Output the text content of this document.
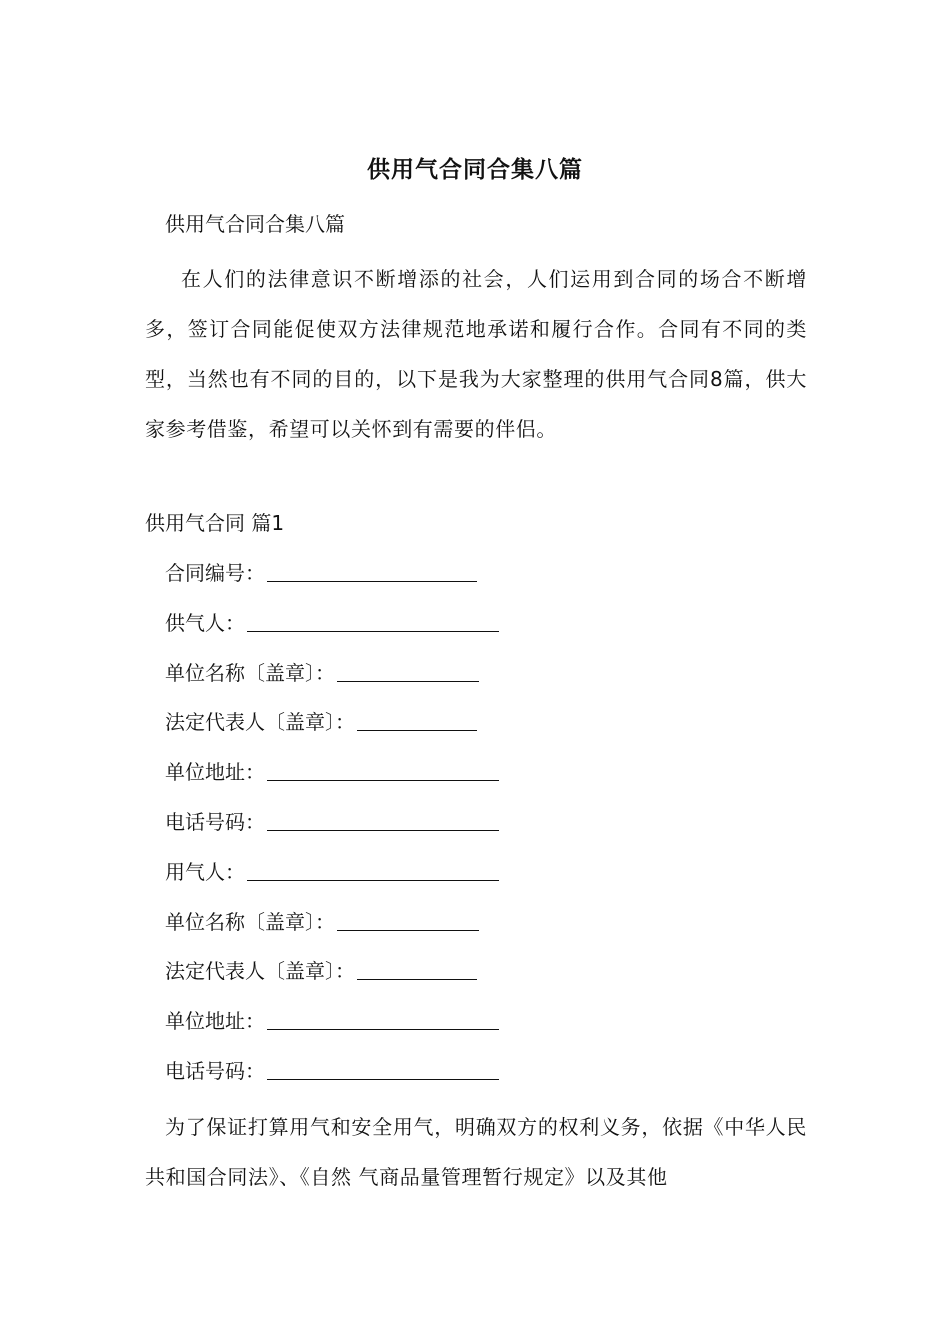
供用气合同合集八篇
供用气合同合集八篇
在人们的法律意识不断增添的社会，人们运用到合同的场合不断增多，签订合同能促使双方法律规范地承诺和履行合作。合同有不同的类型，当然也有不同的目的，以下是我为大家整理的供用气合同8篇，供大家参考借鉴，希望可以关怀到有需要的伴侣。
供用气合同 篇1
合同编号：
供气人：
单位名称〔盖章〕：
法定代表人〔盖章〕：
单位地址：
电话号码：
用气人：
单位名称〔盖章〕：
法定代表人〔盖章〕：
单位地址：
电话号码：
为了保证打算用气和安全用气，明确双方的权利义务，依据《中华人民共和国合同法》、《自然 气商品量管理暂行规定》以及其他
